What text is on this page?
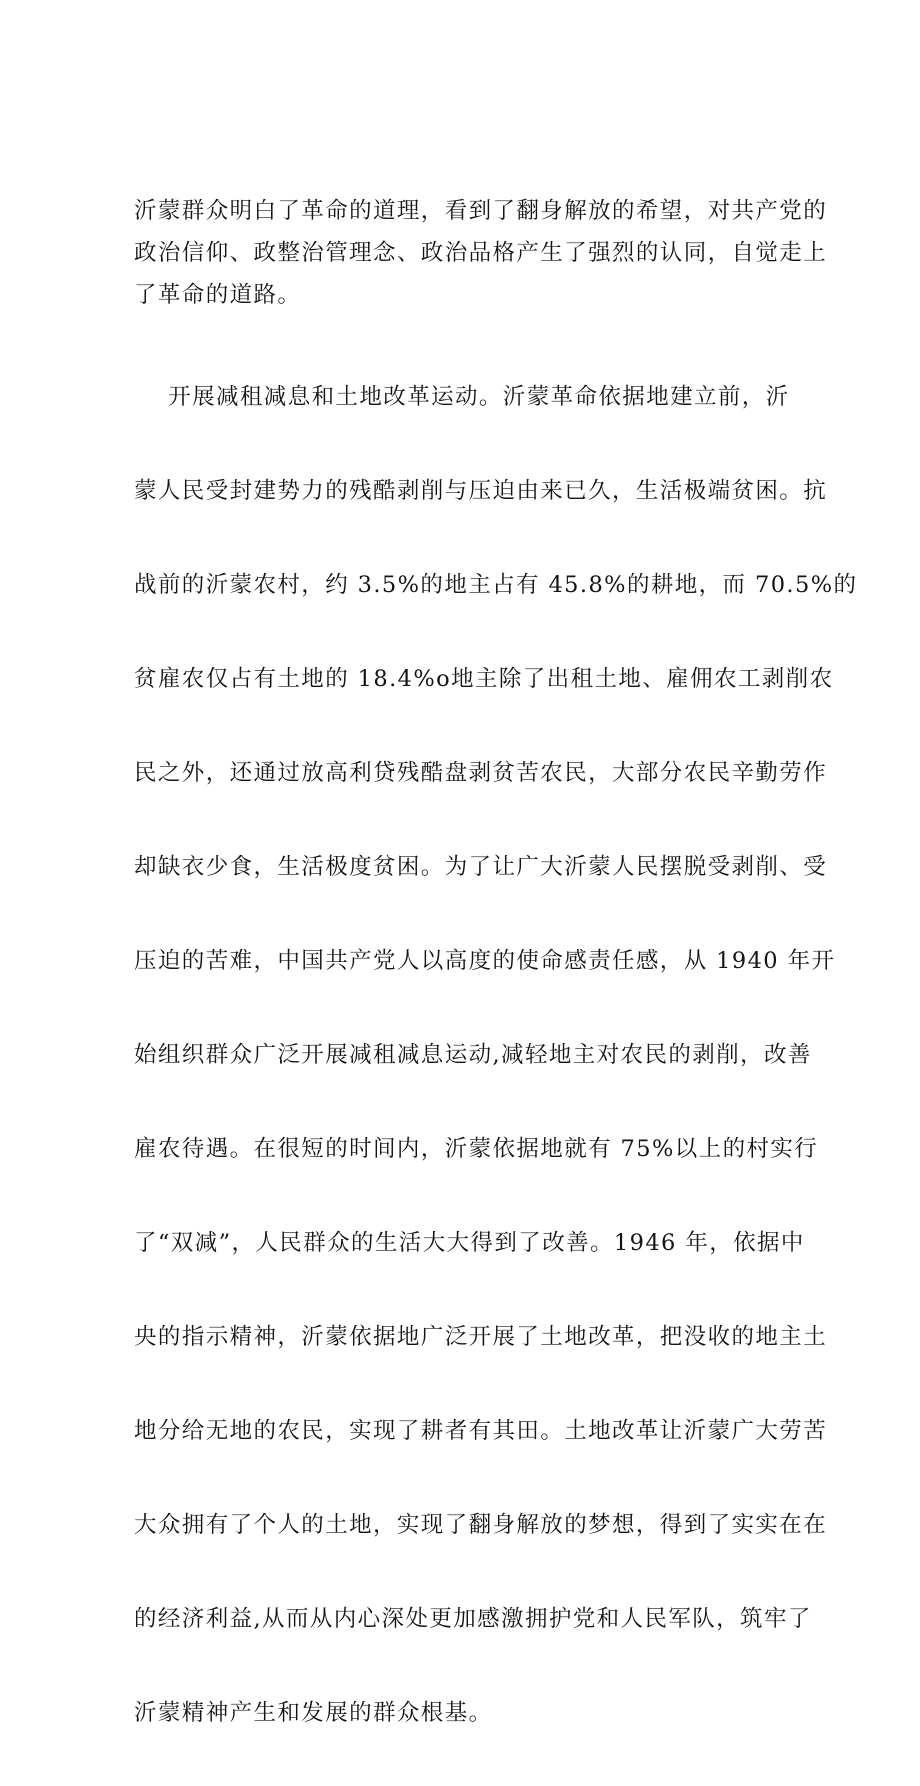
沂蒙群众明白了革命的道理，看到了翻身解放的希望，对共产党的
政治信仰、政整治管理念、政治品格产生了强烈的认同，自觉走上
了革命的道路。

开展减租减息和土地改革运动。沂蒙革命依据地建立前，沂

蒙人民受封建势力的残酷剥削与压迫由来已久，生活极端贫困。抗

战前的沂蒙农村，约 3.5%的地主占有 45.8%的耕地，而 70.5%的

贫雇农仅占有土地的 18.4%o地主除了出租土地、雇佣农工剥削农

民之外，还通过放高利贷残酷盘剥贫苦农民，大部分农民辛勤劳作

却缺衣少食，生活极度贫困。为了让广大沂蒙人民摆脱受剥削、受

压迫的苦难，中国共产党人以高度的使命感责任感，从 1940 年开

始组织群众广泛开展减租减息运动,减轻地主对农民的剥削，改善

雇农待遇。在很短的时间内，沂蒙依据地就有 75%以上的村实行

了“双减”，人民群众的生活大大得到了改善。1946 年，依据中

央的指示精神，沂蒙依据地广泛开展了土地改革，把没收的地主土

地分给无地的农民，实现了耕者有其田。土地改革让沂蒙广大劳苦

大众拥有了个人的土地，实现了翻身解放的梦想，得到了实实在在

的经济利益,从而从内心深处更加感激拥护党和人民军队，筑牢了

沂蒙精神产生和发展的群众根基。
